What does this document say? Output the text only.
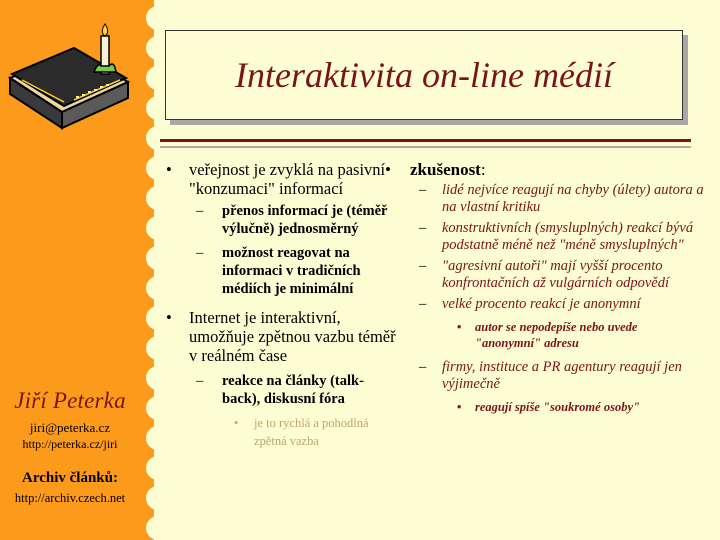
Jiří Peterka
jiri@peterka.cz
http://peterka.cz/jiri
Archiv článků:
http://archiv.czech.net
Interaktivita on-line médií
• veřejnost je zvyklá na pasivní "konzumaci" informací
– přenos informací je (téměř výlučně) jednosměrný
– možnost reagovat na informaci v tradičních médiích je minimální
• Internet je interaktivní, umožňuje zpětnou vazbu téměř v reálném čase
– reakce na články (talk-back), diskusní fóra
• je to rychlá a pohodlná zpětná vazba
• zkušenost:
– lidé nejvíce reagují na chyby (úlety) autora a na vlastní kritiku
– konstruktivních (smysluplných) reakcí bývá podstatně méně než "méně smysluplných"
– "agresivní autoři" mají vyšší procento konfrontačních až vulgárních odpovědí
– velké procento reakcí je anonymní
• autor se nepodepíše nebo uvede "anonymní" adresu
– firmy, instituce a PR agentury reagují jen výjimečně
• reagují spíše "soukromé osoby"
